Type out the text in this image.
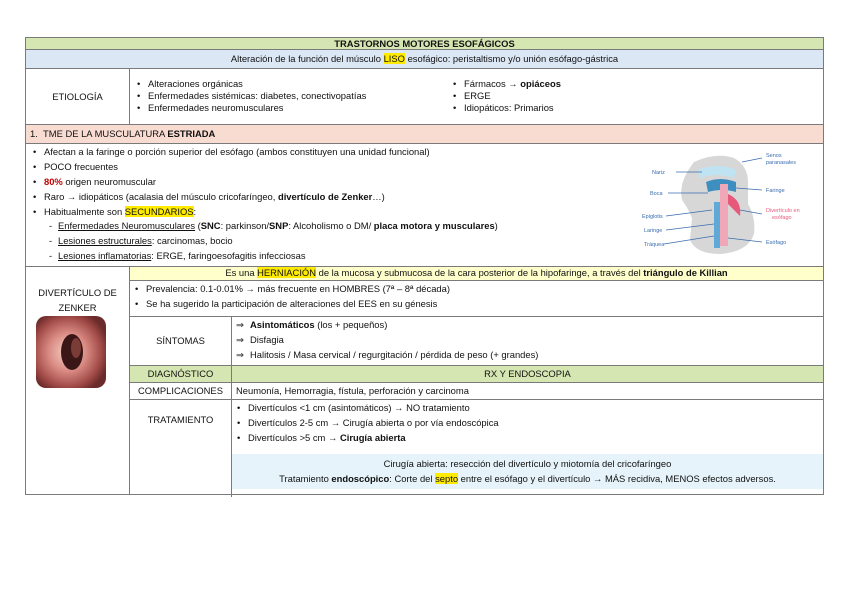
TRASTORNOS MOTORES ESOFÁGICOS
Alteración de la función del músculo LISO esofágico: peristaltismo y/o unión esófago-gástrica
ETIOLOGÍA
• Alteraciones orgánicas
• Enfermedades sistémicas: diabetes, conectivopatías
• Enfermedades neuromusculares
• Fármacos → opiáceos
• ERGE
• Idiopáticos: Primarios
1. TME DE LA MUSCULATURA ESTRIADA
• Afectan a la faringe o porción superior del esófago (ambos constituyen una unidad funcional)
• POCO frecuentes
• 80% origen neuromuscular
• Raro → idiopáticos (acalasia del músculo cricofaríngeo, divertículo de Zenker…)
• Habitualmente son SECUNDARIOS:
- Enfermedades Neuromusculares (SNC: parkinson/SNP: Alcoholismo o DM/ placa motora y musculares)
- Lesiones estructurales: carcinomas, bocio
- Lesiones inflamatorias: ERGE, faringoesofagitis infecciosas
Nariz
Boca
Epiglotis
Laringe
Tráquea
Senos
paranasales
Faringe
Divertículo en
esófago
Esófago
DIVERTÍCULO DE
ZENKER
Es una HERNIACIÓN de la mucosa y submucosa de la cara posterior de la hipofaringe, a través del triángulo de Killian
• Prevalencia: 0.1-0.01% → más frecuente en HOMBRES (7ª – 8ª década)
• Se ha sugerido la participación de alteraciones del EES en su génesis
SÍNTOMAS
⇒ Asintomáticos (los + pequeños)
⇒ Disfagia
⇒ Halitosis / Masa cervical / regurgitación / pérdida de peso (+ grandes)
DIAGNÓSTICO	RX Y ENDOSCOPIA
COMPLICACIONES	Neumonía, Hemorragia, fístula, perforación y carcinoma
TRATAMIENTO
• Divertículos <1 cm (asintomáticos) → NO tratamiento
• Divertículos 2-5 cm → Cirugía abierta o por vía endoscópica
• Divertículos >5 cm → Cirugía abierta
Cirugía abierta: resección del divertículo y miotomía del cricofaríngeo
Tratamiento endoscópico: Corte del septo entre el esófago y el divertículo → MÁS recidiva, MENOS efectos adversos.
